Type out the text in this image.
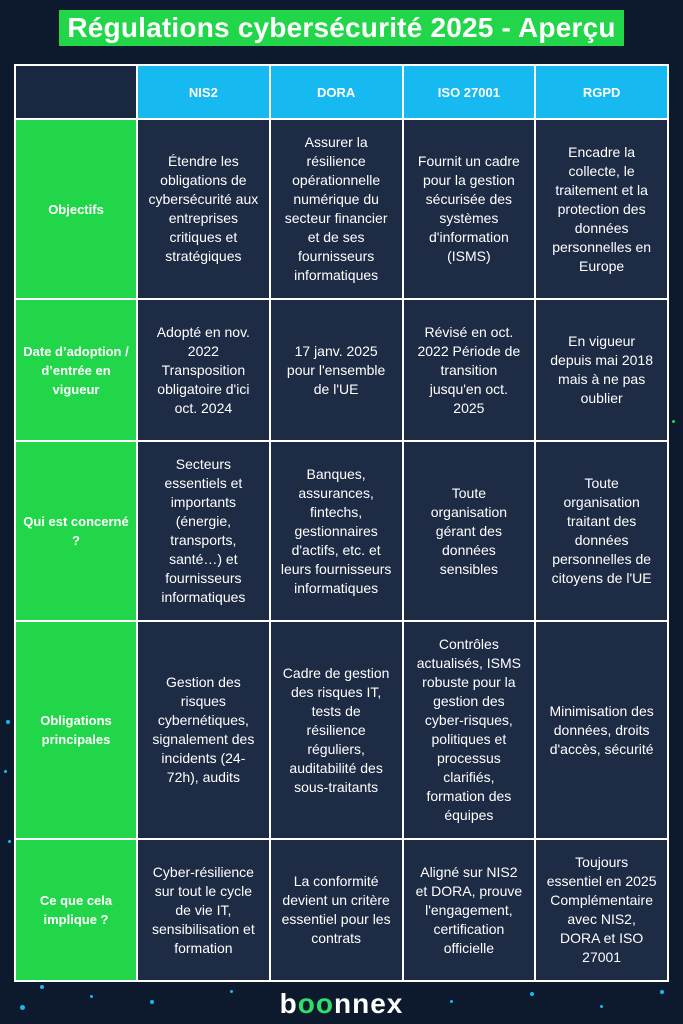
Régulations cybersécurité 2025 - Aperçu
	NIS2	DORA	ISO 27001	RGPD
Objectifs	Étendre les obligations de cybersécurité aux entreprises critiques et stratégiques	Assurer la résilience opérationnelle numérique du secteur financier et de ses fournisseurs informatiques	Fournit un cadre pour la gestion sécurisée des systèmes d'information (ISMS)	Encadre la collecte, le traitement et la protection des données personnelles en Europe
Date d’adoption / d’entrée en vigueur	Adopté en nov. 2022 Transposition obligatoire d'ici oct. 2024	17 janv. 2025 pour l'ensemble de l'UE	Révisé en oct. 2022 Période de transition jusqu'en oct. 2025	En vigueur depuis mai 2018 mais à ne pas oublier
Qui est concerné ?	Secteurs essentiels et importants (énergie, transports, santé…) et fournisseurs informatiques	Banques, assurances, fintechs, gestionnaires d'actifs, etc. et leurs fournisseurs informatiques	Toute organisation gérant des données sensibles	Toute organisation traitant des données personnelles de citoyens de l'UE
Obligations principales	Gestion des risques cybernétiques, signalement des incidents (24-72h), audits	Cadre de gestion des risques IT, tests de résilience réguliers, auditabilité des sous-traitants	Contrôles actualisés, ISMS robuste pour la gestion des cyber-risques, politiques et processus clarifiés, formation des équipes	Minimisation des données, droits d'accès, sécurité
Ce que cela implique ?	Cyber-résilience sur tout le cycle de vie IT, sensibilisation et formation	La conformité devient un critère essentiel pour les contrats	Aligné sur NIS2 et DORA, prouve l'engagement, certification officielle	Toujours essentiel en 2025 Complémentaire avec NIS2, DORA et ISO 27001
boonnex
